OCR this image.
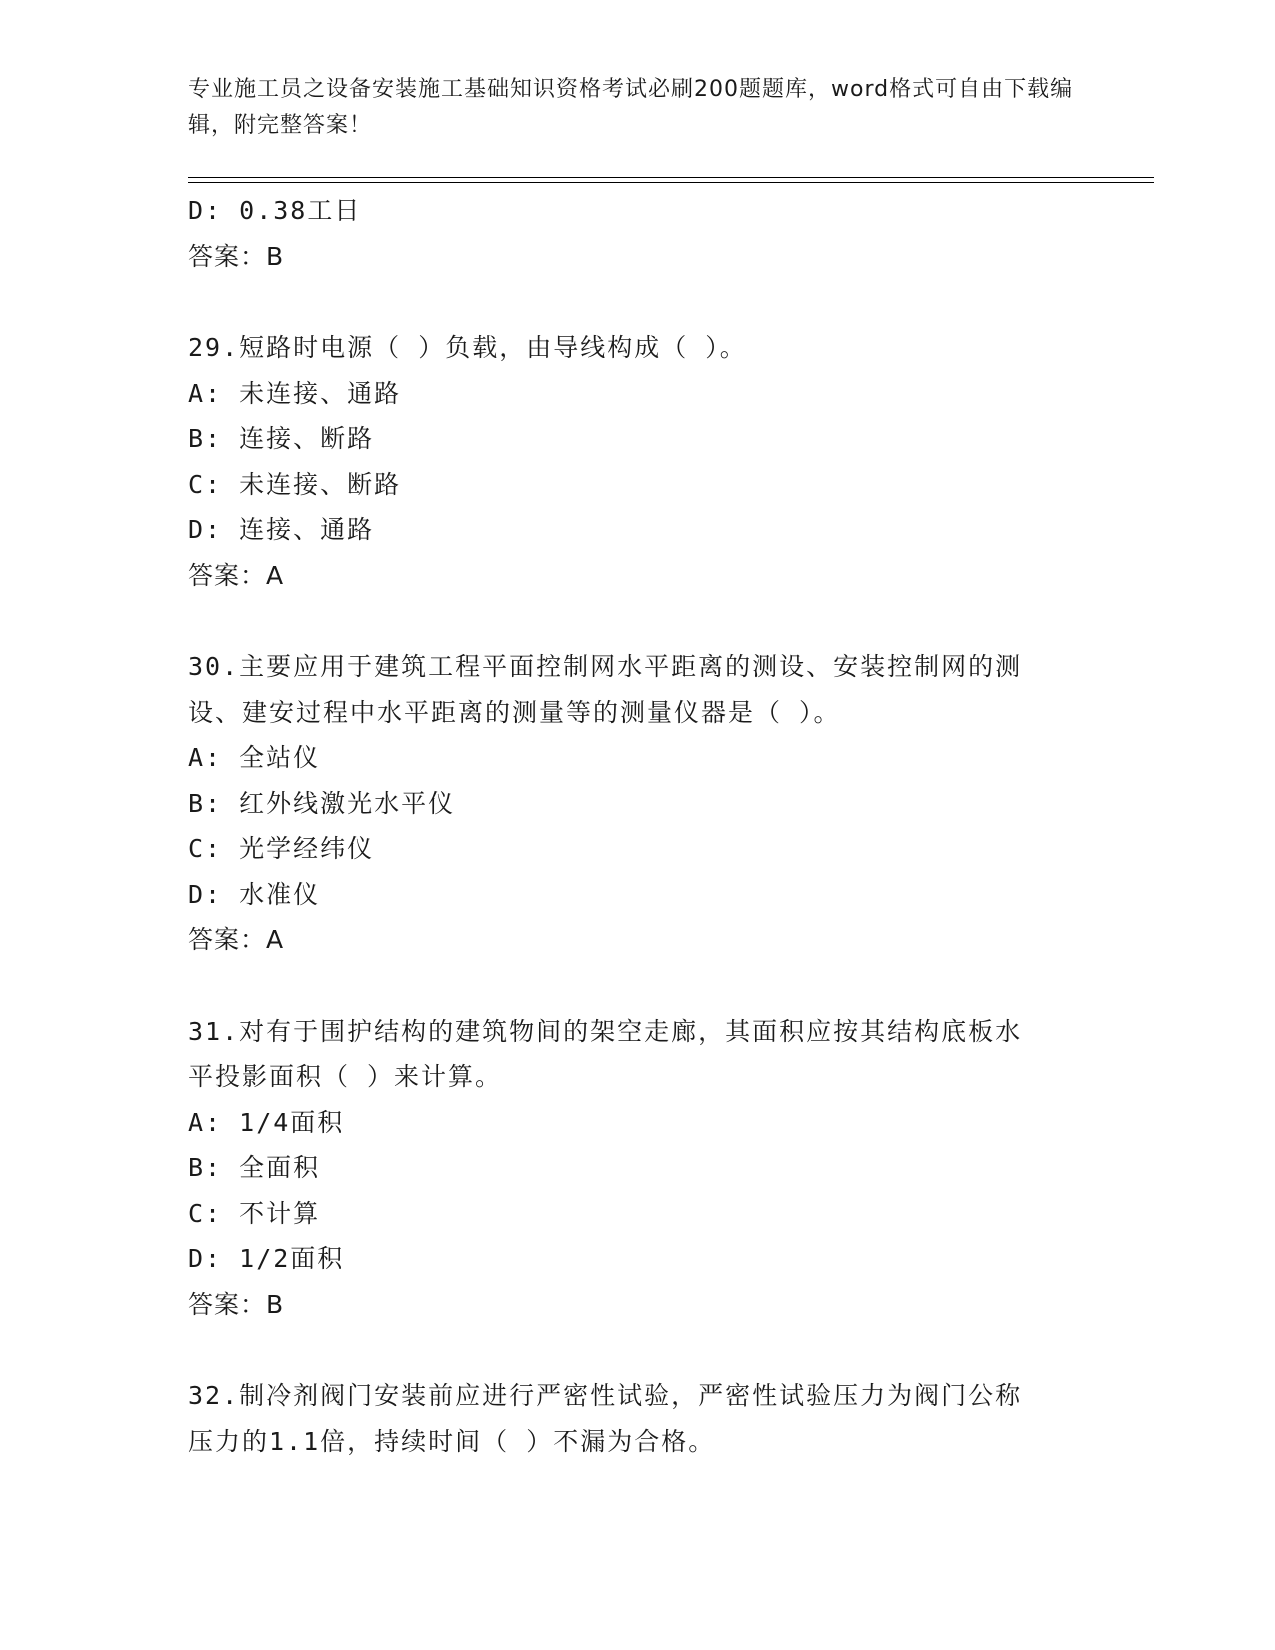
专业施工员之设备安装施工基础知识资格考试必刷200题题库，word格式可自由下载编辑，附完整答案！
D: 0.38工日
答案：B
29.短路时电源（ ）负载，由导线构成（ ）。
A: 未连接、通路
B: 连接、断路
C: 未连接、断路
D: 连接、通路
答案：A
30.主要应用于建筑工程平面控制网水平距离的测设、安装控制网的测
设、建安过程中水平距离的测量等的测量仪器是（ ）。
A: 全站仪
B: 红外线激光水平仪
C: 光学经纬仪
D: 水准仪
答案：A
31.对有于围护结构的建筑物间的架空走廊，其面积应按其结构底板水
平投影面积（ ）来计算。
A: 1/4面积
B: 全面积
C: 不计算
D: 1/2面积
答案：B
32.制冷剂阀门安装前应进行严密性试验，严密性试验压力为阀门公称
压力的1.1倍，持续时间（ ）不漏为合格。
